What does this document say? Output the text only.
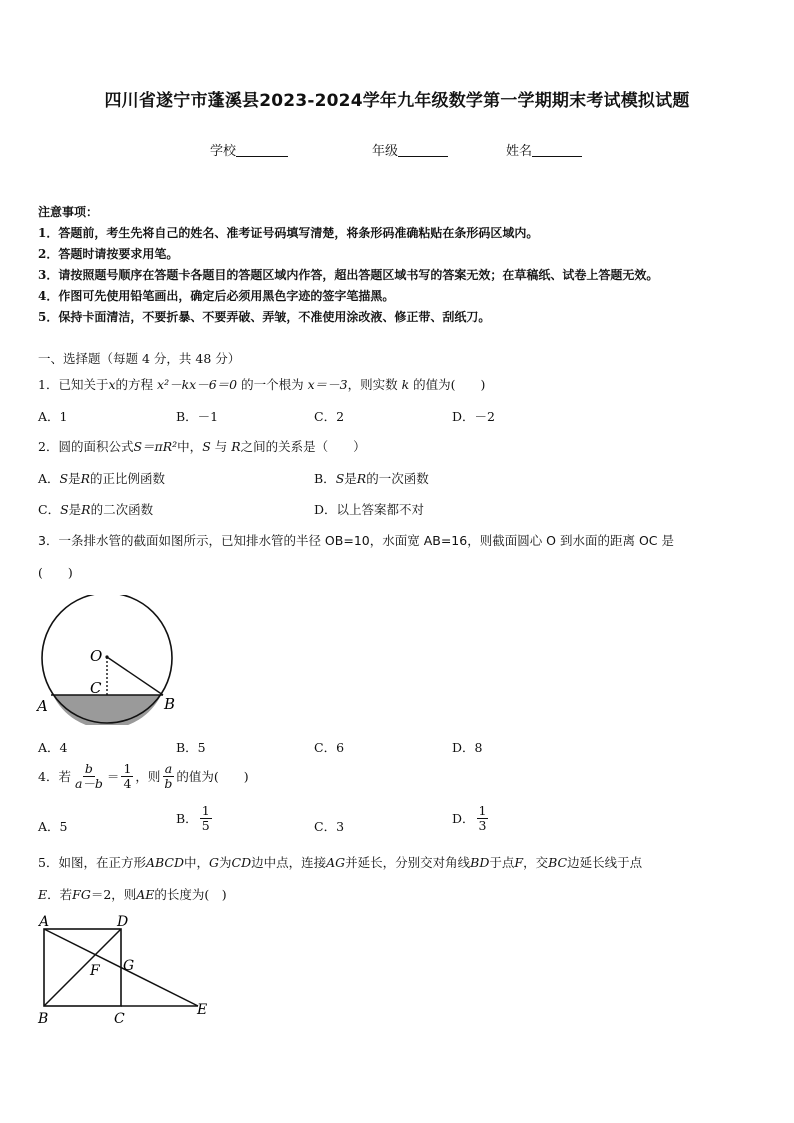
四川省遂宁市蓬溪县2023-2024学年九年级数学第一学期期末考试模拟试题
学校	年级	姓名
注意事项：
1．答题前，考生先将自己的姓名、准考证号码填写清楚，将条形码准确粘贴在条形码区域内。
2．答题时请按要求用笔。
3．请按照题号顺序在答题卡各题目的答题区域内作答，超出答题区域书写的答案无效；在草稿纸、试卷上答题无效。
4．作图可先使用铅笔画出，确定后必须用黑色字迹的签字笔描黑。
5．保持卡面清洁，不要折暴、不要弄破、弄皱，不准使用涂改液、修正带、刮纸刀。
一、选择题（每题 4 分，共 48 分）
1．已知关于x的方程 x²－kx－6＝0 的一个根为 x＝－3，则实数 k 的值为(　　)
A．1	B．－1	C．2	D．－2
2．圆的面积公式S＝πR²中，S 与 R之间的关系是（　　）
A．S是R的正比例函数	B．S是R的一次函数
C．S是R的二次函数	D．以上答案都不对
3．一条排水管的截面如图所示，已知排水管的半径 OB=10，水面宽 AB=16，则截面圆心 O 到水面的距离 OC 是
(　　)
O
C
A	B
A．4	B．5	C．6	D．8
4．若 $\frac{b}{a-b} = \frac{1}{4}$ ，则 $\frac{a}{b}$ 的值为(　　)
A．5
B． $\frac{1}{5}$	C．3
D． $\frac{1}{3}$
5．如图，在正方形ABCD中，G为CD边中点，连接AG并延长，分别交对角线BD于点F，交BC边延长线于点
E．若FG＝2，则AE的长度为(　)
A	D
F G
B	C
E
